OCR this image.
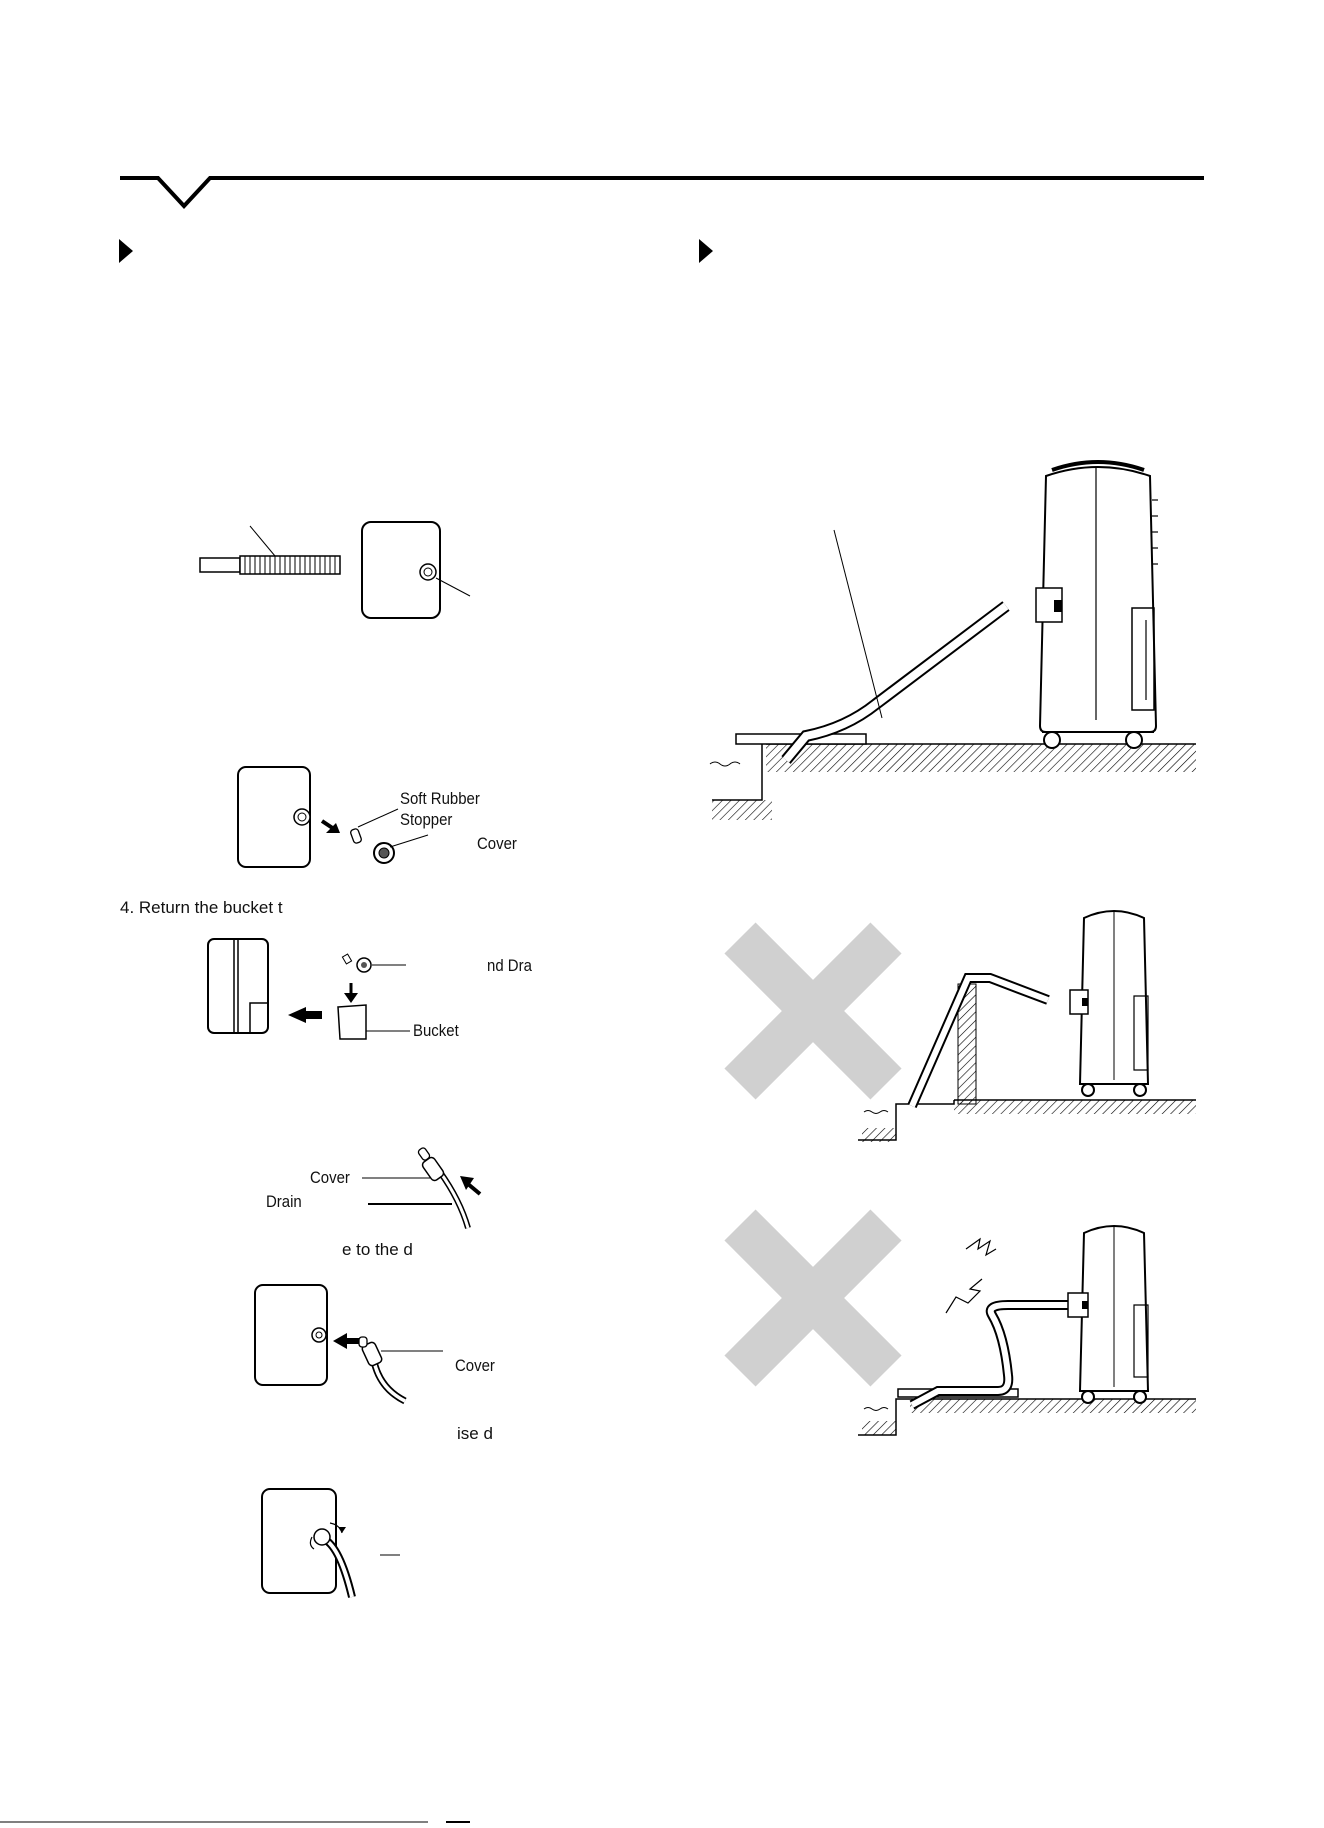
Soft Rubber
Stopper
Cover
4. Return the bucket t
nd Dra
Bucket
Cover
Drain
e to the d
Cover
ise d
